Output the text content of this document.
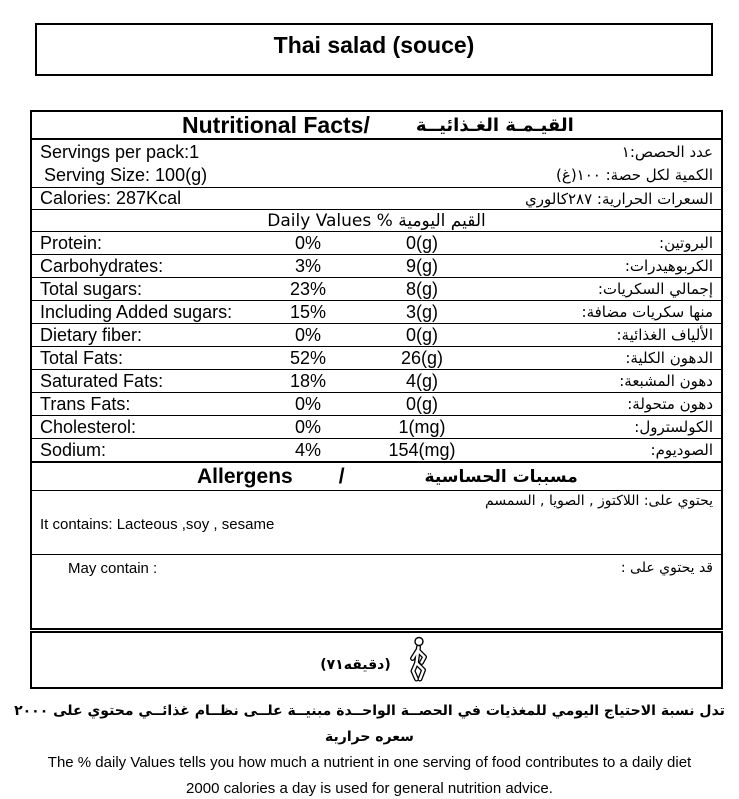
Thai salad (souce)
Nutritional Facts/	القيـمـة الغـذائيــة
Servings per pack:1	عدد الحصص:١
Serving Size: 100(g)	الكمية لكل حصة: ١٠٠(غ)
Calories: 287Kcal	السعرات الحرارية: ٢٨٧كالوري
Daily Values % القيم اليومية
Protein:	0%	0(g)	البروتين:
Carbohydrates:	3%	9(g)	الكربوهيدرات:
Total sugars:	23%	8(g)	إجمالي السكريات:
Including Added sugars:	15%	3(g)	منها سكريات مضافة:
Dietary fiber:	0%	0(g)	الألياف الغذائية:
Total Fats:	52%	26(g)	الدهون الكلية:
Saturated Fats:	18%	4(g)	دهون المشبعة:
Trans Fats:	0%	0(g)	دهون متحولة:
Cholesterol:	0%	1(mg)	الكولسترول:
Sodium:	4%	154(mg)	الصوديوم:
Allergens /	مسببات الحساسية
يحتوي على: اللاكتوز , الصويا , السمسم
It contains: Lacteous ,soy , sesame
May contain :	قد يحتوي على :
(٧١دقيقه)
تدل نسبة الاحتياج اليومي للمغذيات في الحصــة الواحــدة مبنيــة علــى نظــام غذائــي محتوي على ٢٠٠٠ سعره حرارية
The % daily Values tells you how much a nutrient in one serving of food contributes to a daily diet
2000 calories a day is used for general nutrition advice.
